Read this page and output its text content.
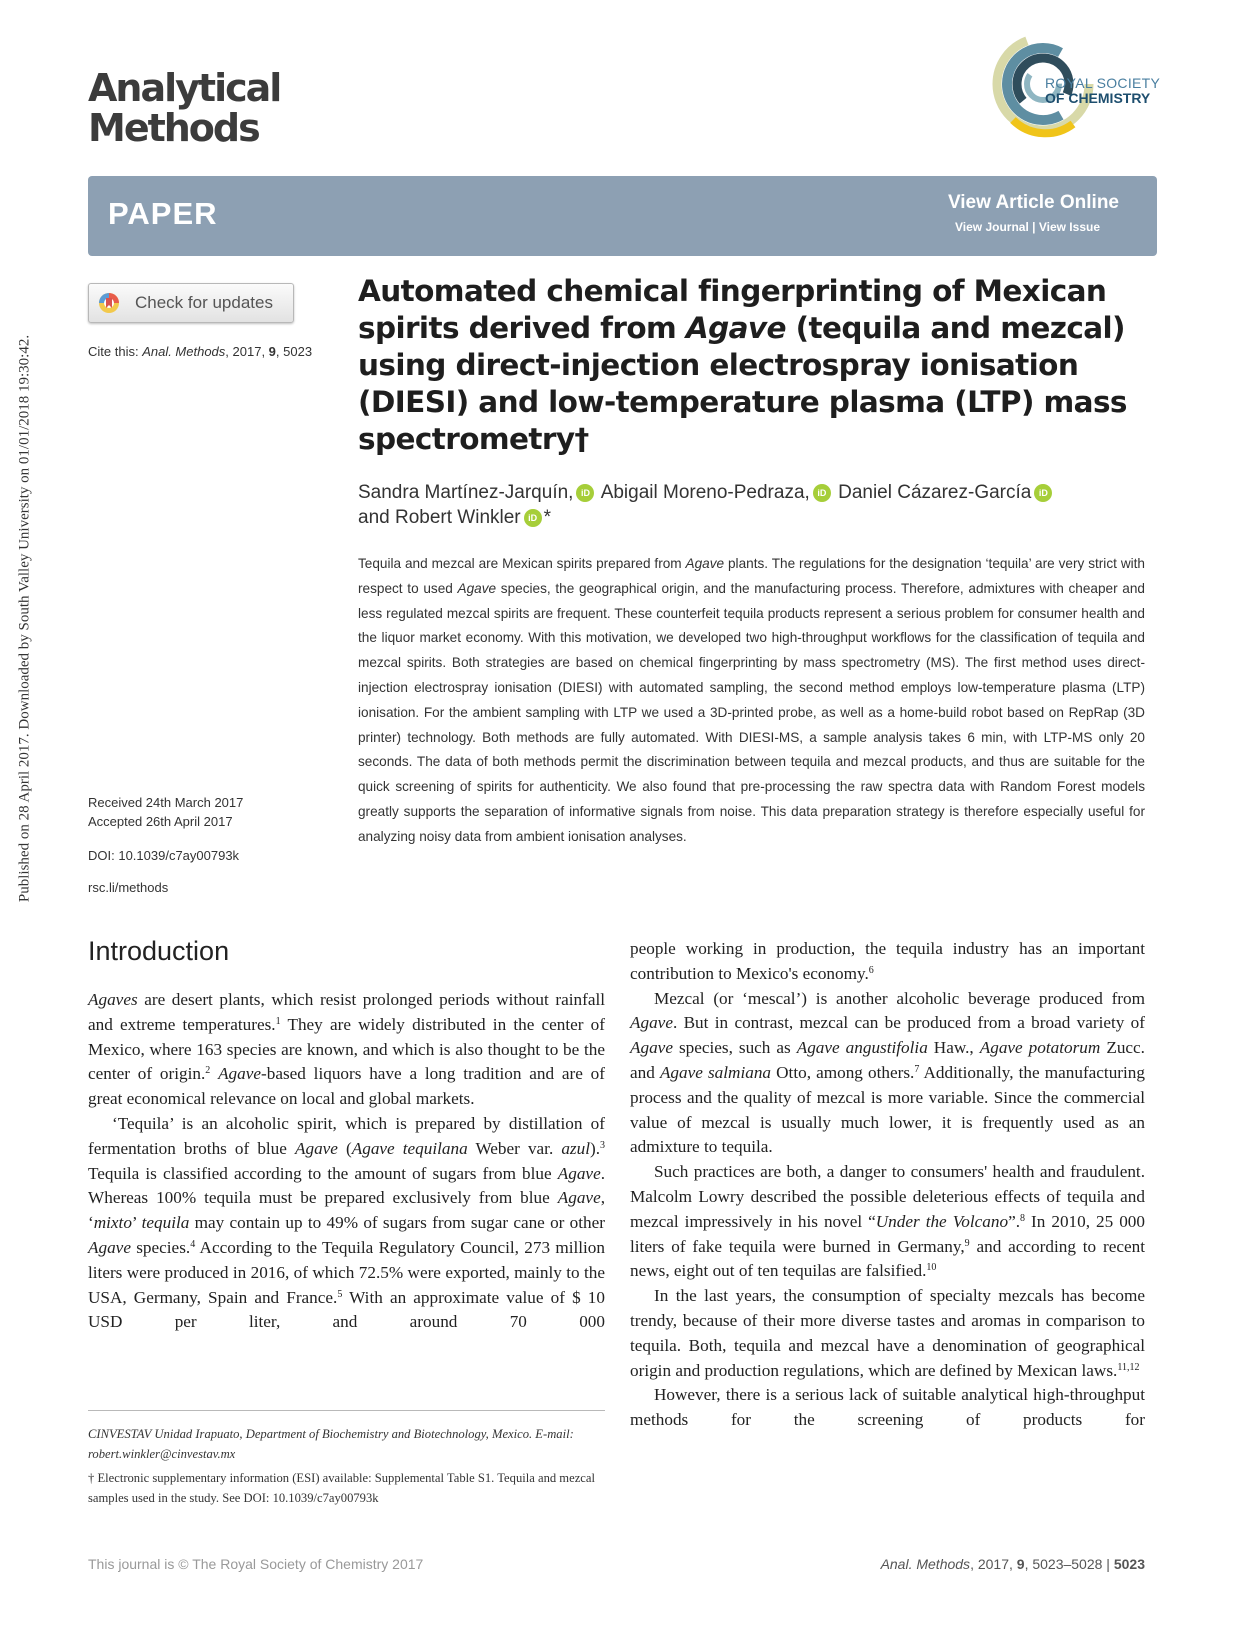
Published on 28 April 2017. Downloaded by South Valley University on 01/01/2018 19:30:42.
Analytical
Methods
ROYAL SOCIETY
OF CHEMISTRY
PAPER	View Article Online
View Journal | View Issue
Check for updates
Cite this: Anal. Methods, 2017, 9, 5023
Received 24th March 2017
Accepted 26th April 2017
DOI: 10.1039/c7ay00793k
rsc.li/methods
Automated chemical fingerprinting of Mexican spirits derived from Agave (tequila and mezcal) using direct-injection electrospray ionisation (DIESI) and low-temperature plasma (LTP) mass spectrometry†
Sandra Martínez-Jarquín, iD Abigail Moreno-Pedraza, iD Daniel Cázarez-García iD
and Robert Winkler iD *
Tequila and mezcal are Mexican spirits prepared from Agave plants. The regulations for the designation ‘tequila’ are very strict with respect to used Agave species, the geographical origin, and the manufacturing process. Therefore, admixtures with cheaper and less regulated mezcal spirits are frequent. These counterfeit tequila products represent a serious problem for consumer health and the liquor market economy. With this motivation, we developed two high-throughput workflows for the classification of tequila and mezcal spirits. Both strategies are based on chemical fingerprinting by mass spectrometry (MS). The first method uses direct-injection electrospray ionisation (DIESI) with automated sampling, the second method employs low-temperature plasma (LTP) ionisation. For the ambient sampling with LTP we used a 3D-printed probe, as well as a home-build robot based on RepRap (3D printer) technology. Both methods are fully automated. With DIESI-MS, a sample analysis takes 6 min, with LTP-MS only 20 seconds. The data of both methods permit the discrimination between tequila and mezcal products, and thus are suitable for the quick screening of spirits for authenticity. We also found that pre-processing the raw spectra data with Random Forest models greatly supports the separation of informative signals from noise. This data preparation strategy is therefore especially useful for analyzing noisy data from ambient ionisation analyses.
Introduction

Agaves are desert plants, which resist prolonged periods without rainfall and extreme temperatures.$^1$ They are widely distributed in the center of Mexico, where 163 species are known, and which is also thought to be the center of origin.$^2$ Agave-based liquors have a long tradition and are of great economical relevance on local and global markets.

‘Tequila’ is an alcoholic spirit, which is prepared by distillation of fermentation broths of blue Agave (Agave tequilana Weber var. azul).$^3$ Tequila is classified according to the amount of sugars from blue Agave. Whereas 100% tequila must be prepared exclusively from blue Agave, ‘mixto’ tequila may contain up to 49% of sugars from sugar cane or other Agave species.$^4$ According to the Tequila Regulatory Council, 273 million liters were produced in 2016, of which 72.5% were exported, mainly to the USA, Germany, Spain and France.$^5$ With an approximate value of $ 10 USD per liter, and around 70 000

people working in production, the tequila industry has an important contribution to Mexico's economy.$^6$

Mezcal (or ‘mescal’) is another alcoholic beverage produced from Agave. But in contrast, mezcal can be produced from a broad variety of Agave species, such as Agave angustifolia Haw., Agave potatorum Zucc. and Agave salmiana Otto, among others.$^7$ Additionally, the manufacturing process and the quality of mezcal is more variable. Since the commercial value of mezcal is usually much lower, it is frequently used as an admixture to tequila.

Such practices are both, a danger to consumers' health and fraudulent. Malcolm Lowry described the possible deleterious effects of tequila and mezcal impressively in his novel “Under the Volcano”.$^8$ In 2010, 25 000 liters of fake tequila were burned in Germany,$^9$ and according to recent news, eight out of ten tequilas are falsified.$^{10}$

In the last years, the consumption of specialty mezcals has become trendy, because of their more diverse tastes and aromas in comparison to tequila. Both, tequila and mezcal have a denomination of geographical origin and production regulations, which are defined by Mexican laws.$^{11,12}$

However, there is a serious lack of suitable analytical high-throughput methods for the screening of products for

CINVESTAV Unidad Irapuato, Department of Biochemistry and Biotechnology, Mexico. E-mail: robert.winkler@cinvestav.mx
† Electronic supplementary information (ESI) available: Supplemental Table S1. Tequila and mezcal samples used in the study. See DOI: 10.1039/c7ay00793k
This journal is © The Royal Society of Chemistry 2017	Anal. Methods, 2017, 9, 5023–5028 | 5023
